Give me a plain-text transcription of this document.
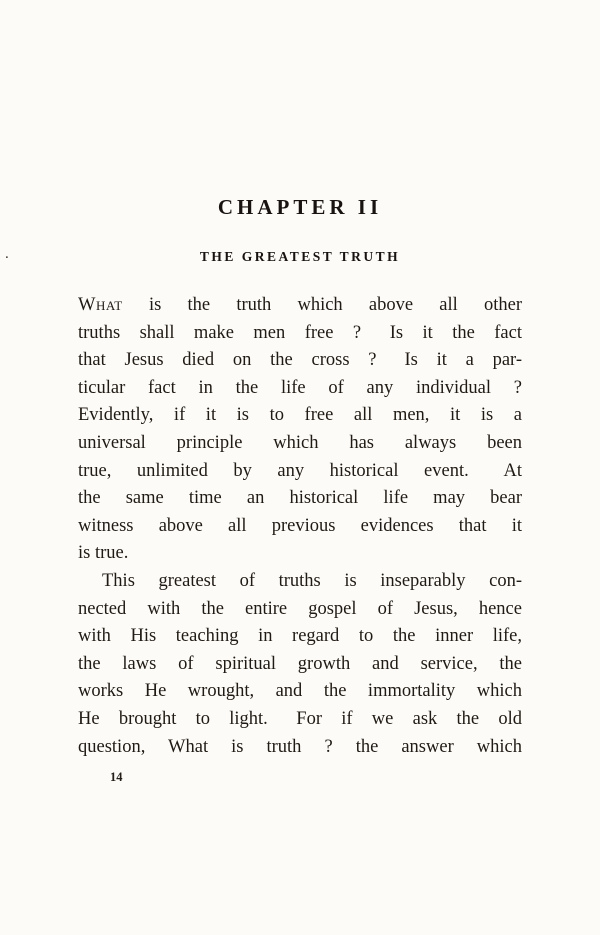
CHAPTER II
THE GREATEST TRUTH
.
What is the truth which above all other
truths shall make men free ?  Is it the fact
that Jesus died on the cross ?  Is it a par-
ticular fact in the life of any individual ?
Evidently, if it is to free all men, it is a
universal principle which has always been
true, unlimited by any historical event.  At
the same time an historical life may bear
witness above all previous evidences that it
is true.
This greatest of truths is inseparably con-
nected with the entire gospel of Jesus, hence
with His teaching in regard to the inner life,
the laws of spiritual growth and service, the
works He wrought, and the immortality which
He brought to light.  For if we ask the old
question, What is truth ? the answer which
14
